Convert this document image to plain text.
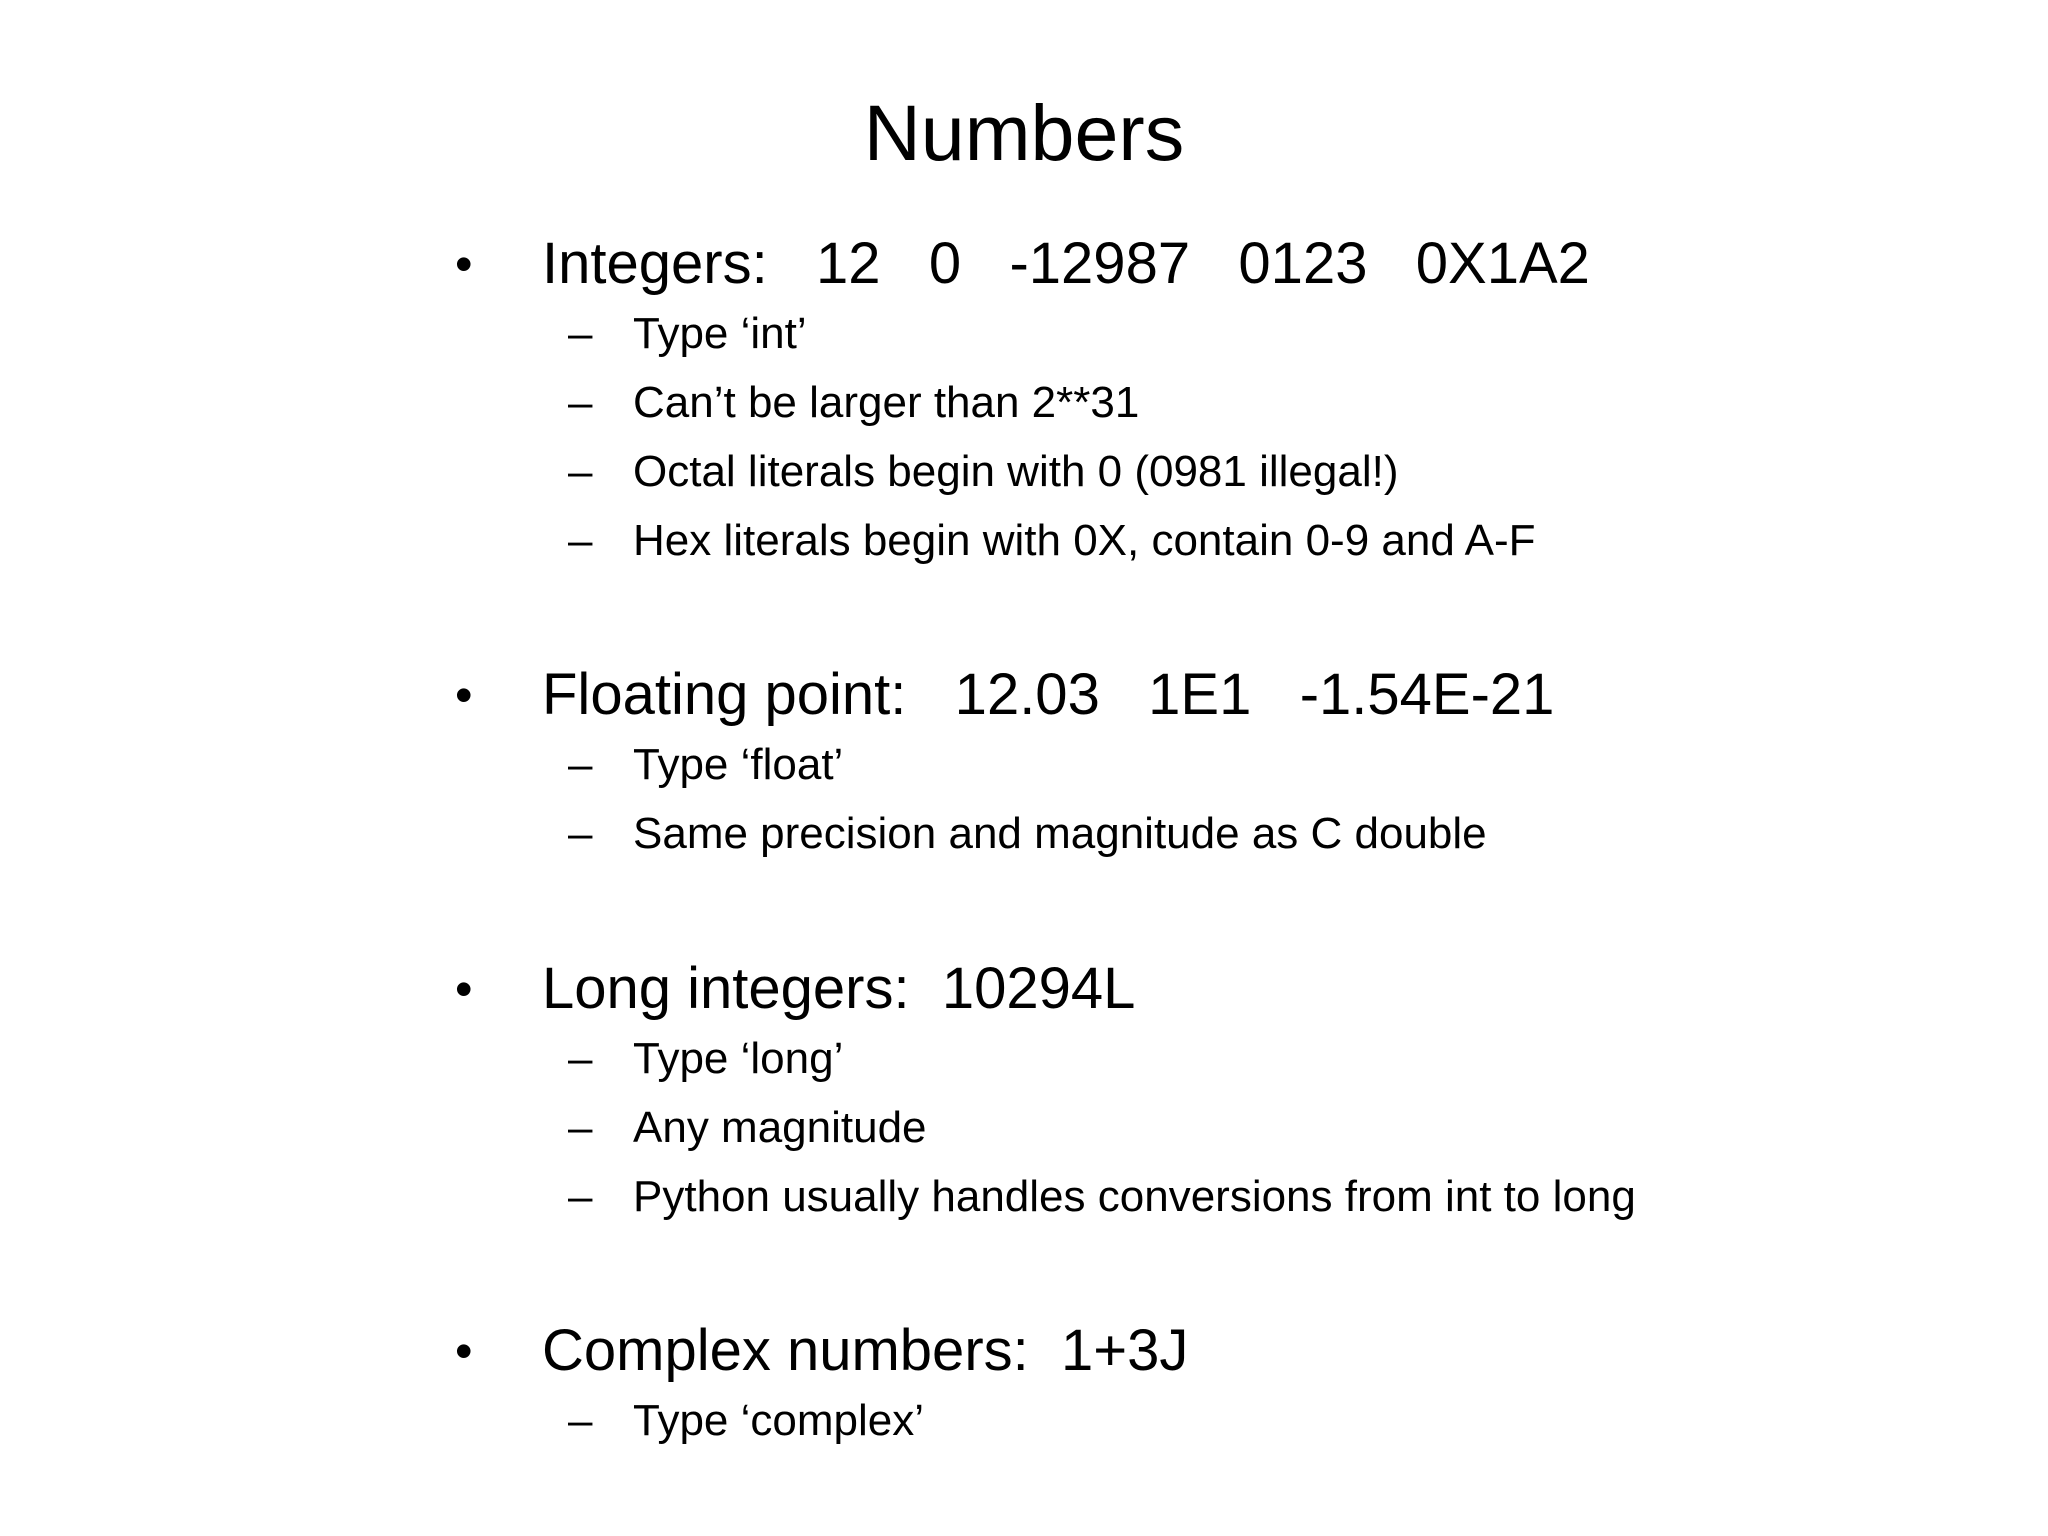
Numbers
• Integers:   12   0   -12987   0123   0X1A2
– Type ‘int’
– Can’t be larger than 2**31
– Octal literals begin with 0 (0981 illegal!)
– Hex literals begin with 0X, contain 0-9 and A-F
• Floating point:   12.03   1E1   -1.54E-21
– Type ‘float’
– Same precision and magnitude as C double
• Long integers:  10294L
– Type ‘long’
– Any magnitude
– Python usually handles conversions from int to long
• Complex numbers:  1+3J
– Type ‘complex’
